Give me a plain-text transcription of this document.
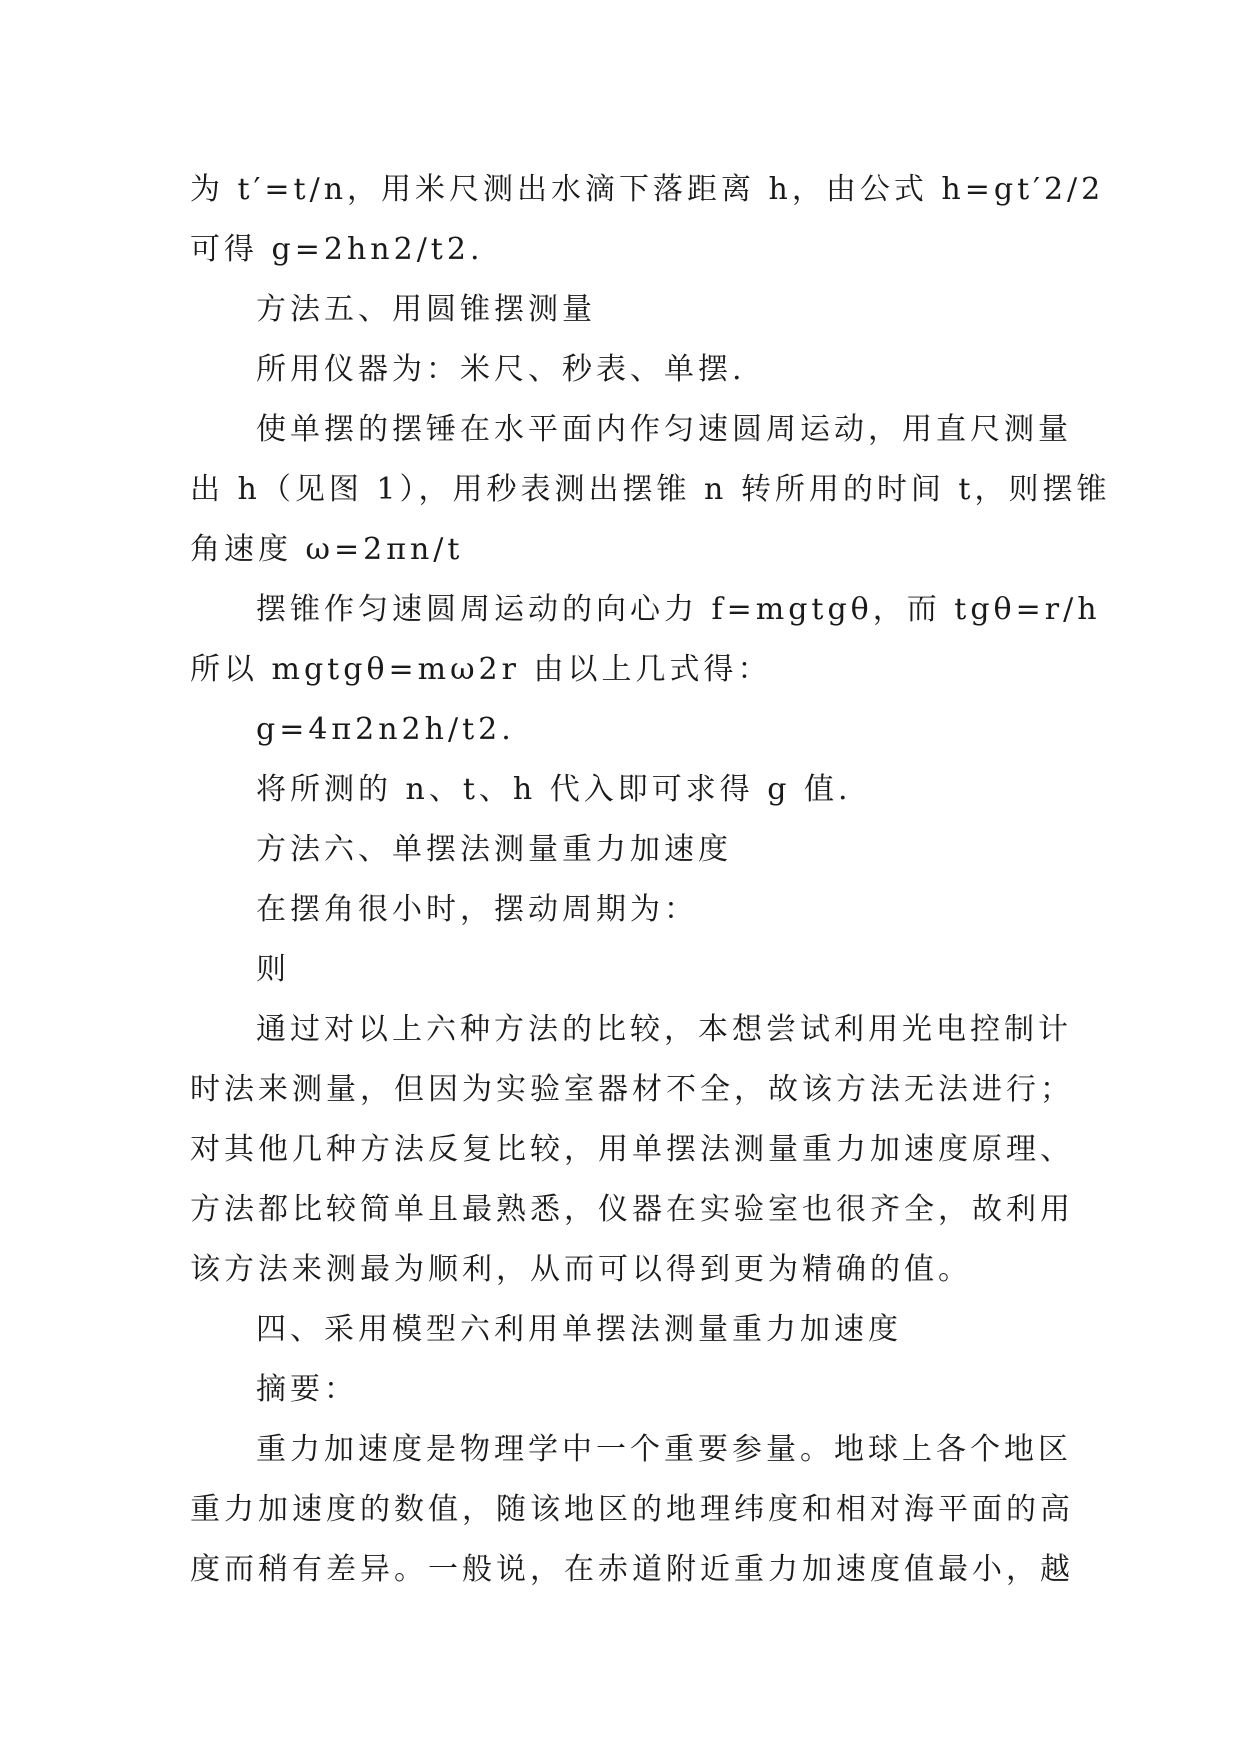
为 t′=t/n，用米尺测出水滴下落距离 h，由公式 h=gt′2/2
可得 g=2hn2/t2.
方法五、用圆锥摆测量
所用仪器为：米尺、秒表、单摆.
使单摆的摆锤在水平面内作匀速圆周运动，用直尺测量
出 h（见图 1），用秒表测出摆锥 n 转所用的时间 t，则摆锥
角速度 ω=2πn/t
摆锥作匀速圆周运动的向心力 f=mgtgθ，而 tgθ=r/h
所以 mgtgθ=mω2r 由以上几式得：
g=4π2n2h/t2.
将所测的 n、t、h 代入即可求得 g 值.
方法六、单摆法测量重力加速度
在摆角很小时，摆动周期为：
则
通过对以上六种方法的比较，本想尝试利用光电控制计
时法来测量，但因为实验室器材不全，故该方法无法进行；
对其他几种方法反复比较，用单摆法测量重力加速度原理、
方法都比较简单且最熟悉，仪器在实验室也很齐全，故利用
该方法来测最为顺利，从而可以得到更为精确的值。
四、采用模型六利用单摆法测量重力加速度
摘要：
重力加速度是物理学中一个重要参量。地球上各个地区
重力加速度的数值，随该地区的地理纬度和相对海平面的高
度而稍有差异。一般说，在赤道附近重力加速度值最小，越
